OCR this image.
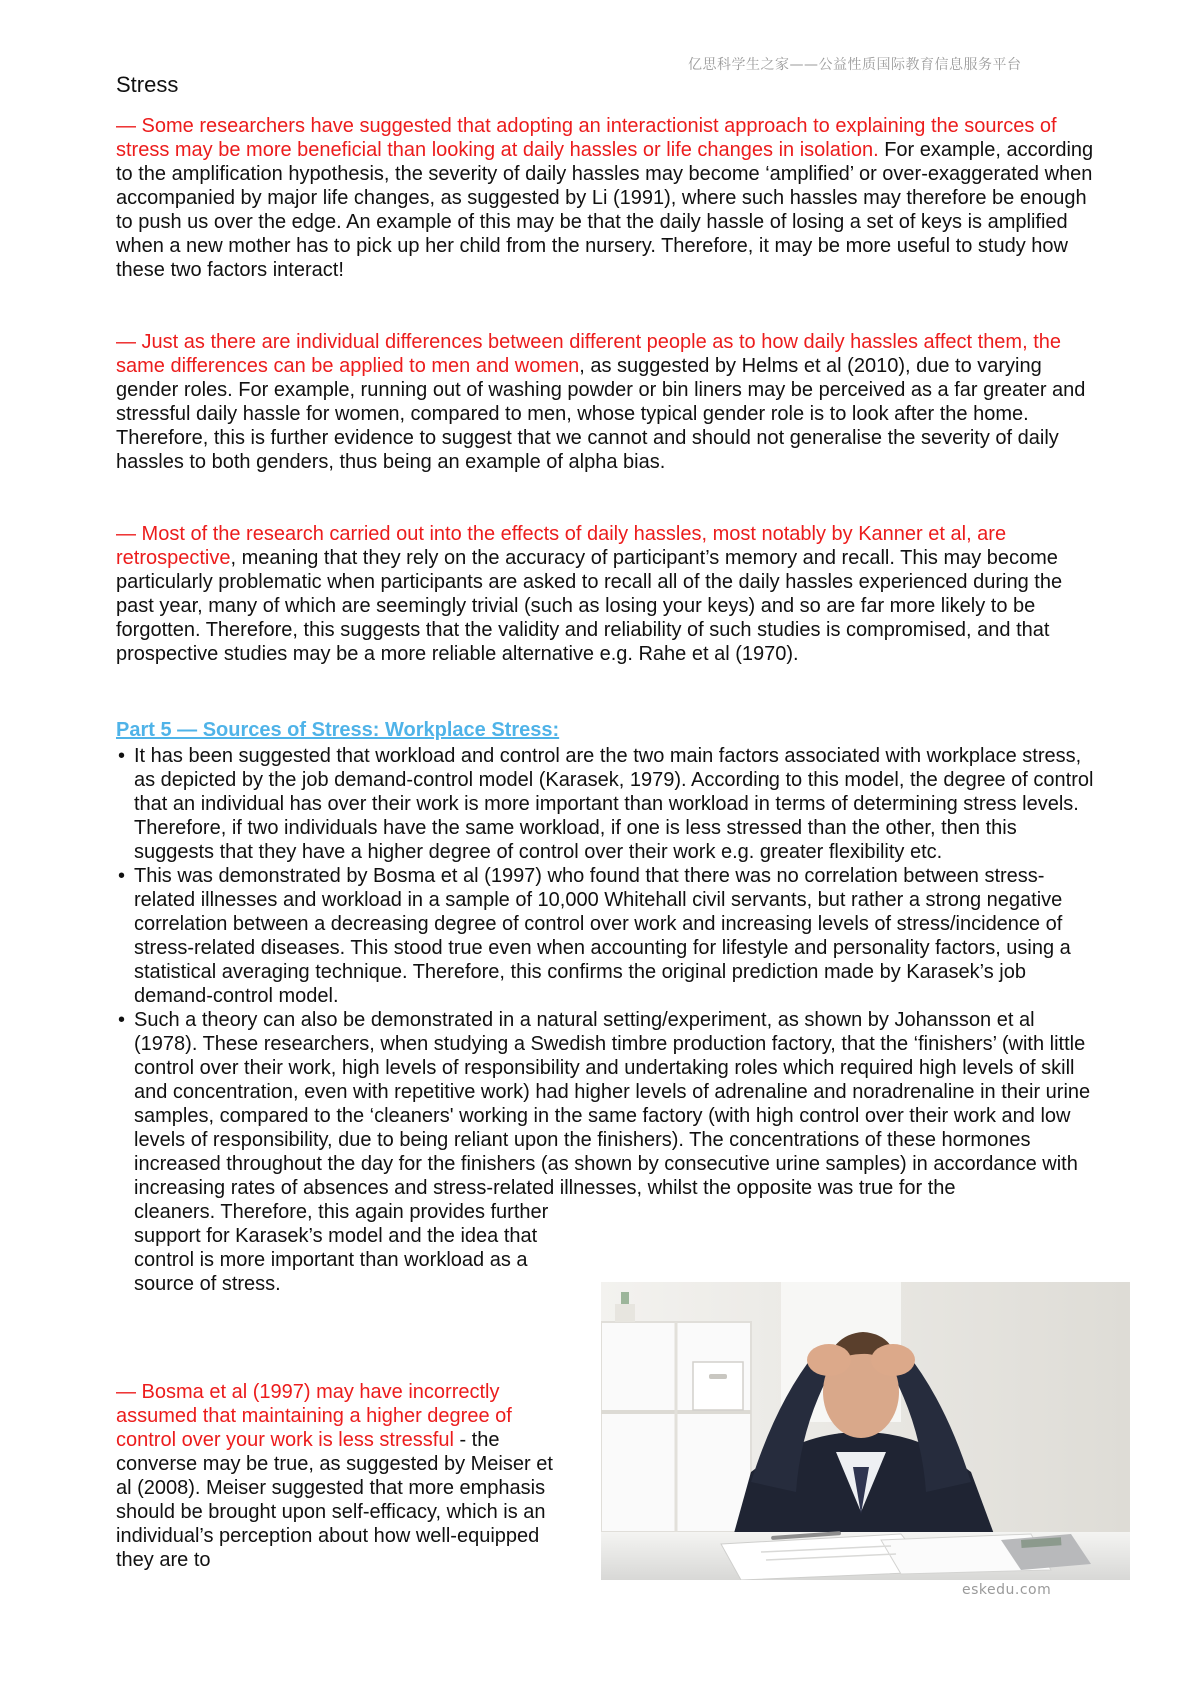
亿思科学生之家——公益性质国际教育信息服务平台
Stress

— Some researchers have suggested that adopting an interactionist approach to explaining the sources of stress may be more beneficial than looking at daily hassles or life changes in isolation. For example, according to the amplification hypothesis, the severity of daily hassles may become ‘amplified’ or over-exaggerated when accompanied by major life changes, as suggested by Li (1991), where such hassles may therefore be enough to push us over the edge. An example of this may be that the daily hassle of losing a set of keys is amplified when a new mother has to pick up her child from the nursery. Therefore, it may be more useful to study how these two factors interact!

— Just as there are individual differences between different people as to how daily hassles affect them, the same differences can be applied to men and women, as suggested by Helms et al (2010), due to varying gender roles. For example, running out of washing powder or bin liners may be perceived as a far greater and stressful daily hassle for women, compared to men, whose typical gender role is to look after the home. Therefore, this is further evidence to suggest that we cannot and should not generalise the severity of daily hassles to both genders, thus being an example of alpha bias.

— Most of the research carried out into the effects of daily hassles, most notably by Kanner et al, are retrospective, meaning that they rely on the accuracy of participant’s memory and recall. This may become particularly problematic when participants are asked to recall all of the daily hassles experienced during the past year, many of which are seemingly trivial (such as losing your keys) and so are far more likely to be forgotten. Therefore, this suggests that the validity and reliability of such studies is compromised, and that prospective studies may be a more reliable alternative e.g. Rahe et al (1970).

Part 5 — Sources of Stress: Workplace Stress:
• It has been suggested that workload and control are the two main factors associated with workplace stress, as depicted by the job demand-control model (Karasek, 1979). According to this model, the degree of control that an individual has over their work is more important than workload in terms of determining stress levels. Therefore, if two individuals have the same workload, if one is less stressed than the other, then this suggests that they have a higher degree of control over their work e.g. greater flexibility etc.
• This was demonstrated by Bosma et al (1997) who found that there was no correlation between stress-related illnesses and workload in a sample of 10,000 Whitehall civil servants, but rather a strong negative correlation between a decreasing degree of control over work and increasing levels of stress/incidence of stress-related diseases. This stood true even when accounting for lifestyle and personality factors, using a statistical averaging technique. Therefore, this confirms the original prediction made by Karasek’s job demand-control model.
• Such a theory can also be demonstrated in a natural setting/experiment, as shown by Johansson et al (1978). These researchers, when studying a Swedish timbre production factory, that the ‘finishers’ (with little control over their work, high levels of responsibility and undertaking roles which required high levels of skill and concentration, even with repetitive work) had higher levels of adrenaline and noradrenaline in their urine samples, compared to the ‘cleaners' working in the same factory (with high control over their work and low levels of responsibility, due to being reliant upon the finishers). The concentrations of these hormones increased throughout the day for the finishers (as shown by consecutive urine samples) in accordance with increasing rates of absences and stress-related illnesses, whilst the opposite was true for the
cleaners. Therefore, this again provides further support for Karasek’s model and the idea that control is more important than workload as a source of stress.

— Bosma et al (1997) may have incorrectly assumed that maintaining a higher degree of control over your work is less stressful - the converse may be true, as suggested by Meiser et al (2008). Meiser suggested that more emphasis should be brought upon self-efficacy, which is an individual’s perception about how well-equipped they are to

eskedu.com
